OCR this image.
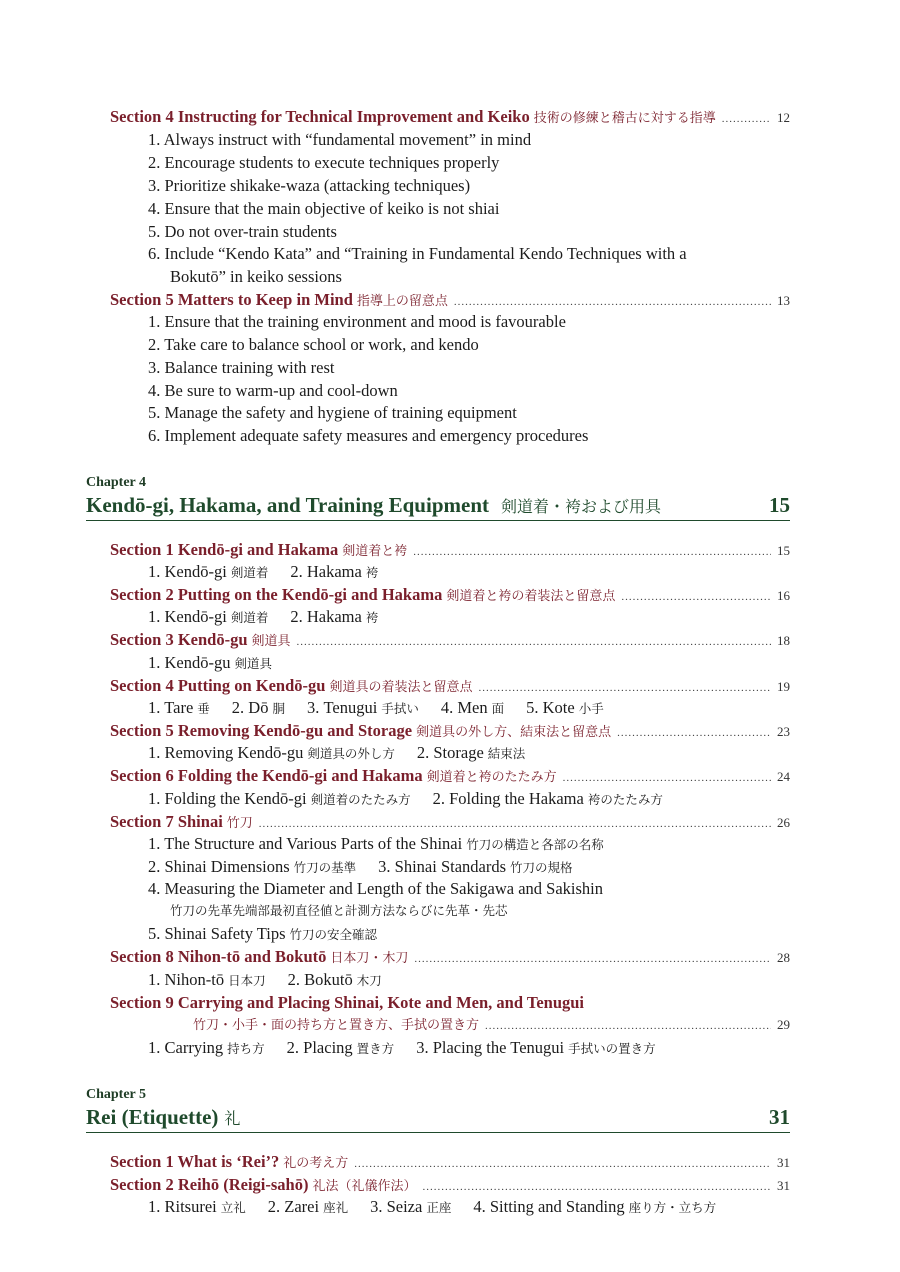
Section 4 Instructing for Technical Improvement and Keiko 技術の修練と稽古に対する指導 .....	12
1. Always instruct with “fundamental movement” in mind
2. Encourage students to execute techniques properly
3. Prioritize shikake-waza (attacking techniques)
4. Ensure that the main objective of keiko is not shiai
5. Do not over-train students
6. Include “Kendo Kata” and “Training in Fundamental Kendo Techniques with a
Bokutō” in keiko sessions
Section 5 Matters to Keep in Mind 指導上の留意点 .....	13
1. Ensure that the training environment and mood is favourable
2. Take care to balance school or work, and kendo
3. Balance training with rest
4. Be sure to warm-up and cool-down
5. Manage the safety and hygiene of training equipment
6. Implement adequate safety measures and emergency procedures
Chapter 4
Kendō-gi, Hakama, and Training Equipment 剣道着・袴および用具	15
Section 1 Kendō-gi and Hakama 剣道着と袴 .....	15
1. Kendō-gi 剣道着 2. Hakama 袴
Section 2 Putting on the Kendō-gi and Hakama 剣道着と袴の着装法と留意点 .....	16
1. Kendō-gi 剣道着 2. Hakama 袴
Section 3 Kendō-gu 剣道具 .....	18
1. Kendō-gu 剣道具
Section 4 Putting on Kendō-gu 剣道具の着装法と留意点 .....	19
1. Tare 垂 2. Dō 胴 3. Tenugui 手拭い 4. Men 面 5. Kote 小手
Section 5 Removing Kendō-gu and Storage 剣道具の外し方、結束法と留意点 .....	23
1. Removing Kendō-gu 剣道具の外し方 2. Storage 結束法
Section 6 Folding the Kendō-gi and Hakama 剣道着と袴のたたみ方 .....	24
1. Folding the Kendō-gi 剣道着のたたみ方 2. Folding the Hakama 袴のたたみ方
Section 7 Shinai 竹刀 .....	26
1. The Structure and Various Parts of the Shinai 竹刀の構造と各部の名称
2. Shinai Dimensions 竹刀の基準 3. Shinai Standards 竹刀の規格
4. Measuring the Diameter and Length of the Sakigawa and Sakishin
竹刀の先革先端部最初直径値と計測方法ならびに先革・先芯
5. Shinai Safety Tips 竹刀の安全確認
Section 8 Nihon-tō and Bokutō 日本刀・木刀 .....	28
1. Nihon-tō 日本刀 2. Bokutō 木刀
Section 9 Carrying and Placing Shinai, Kote and Men, and Tenugui
竹刀・小手・面の持ち方と置き方、手拭の置き方 .....	29
1. Carrying 持ち方 2. Placing 置き方 3. Placing the Tenugui 手拭いの置き方
Chapter 5
Rei (Etiquette) 礼	31
Section 1 What is ‘Rei’? 礼の考え方 .....	31
Section 2 Reihō (Reigi-sahō) 礼法（礼儀作法） .....	31
1. Ritsurei 立礼 2. Zarei 座礼 3. Seiza 正座 4. Sitting and Standing 座り方・立ち方
